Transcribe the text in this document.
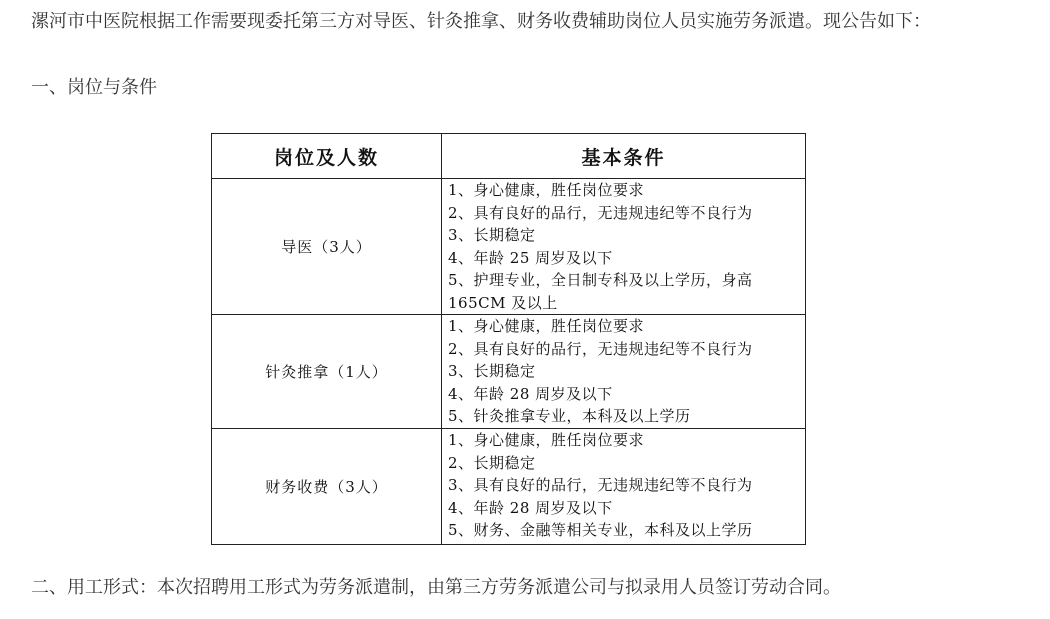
漯河市中医院根据工作需要现委托第三方对导医、针灸推拿、财务收费辅助岗位人员实施劳务派遣。现公告如下：

一、岗位与条件

岗位及人数	基本条件
导医（3人）	1、身心健康，胜任岗位要求
2、具有良好的品行，无违规违纪等不良行为
3、长期稳定
4、年龄 25 周岁及以下
5、护理专业，全日制专科及以上学历，身高 165CM 及以上

针灸推拿（1人）	1、身心健康，胜任岗位要求
2、具有良好的品行，无违规违纪等不良行为
3、长期稳定
4、年龄 28 周岁及以下
5、针灸推拿专业，本科及以上学历

财务收费（3人）	1、身心健康，胜任岗位要求
2、长期稳定
3、具有良好的品行，无违规违纪等不良行为
4、年龄 28 周岁及以下
5、财务、金融等相关专业，本科及以上学历

二、用工形式：本次招聘用工形式为劳务派遣制，由第三方劳务派遣公司与拟录用人员签订劳动合同。
